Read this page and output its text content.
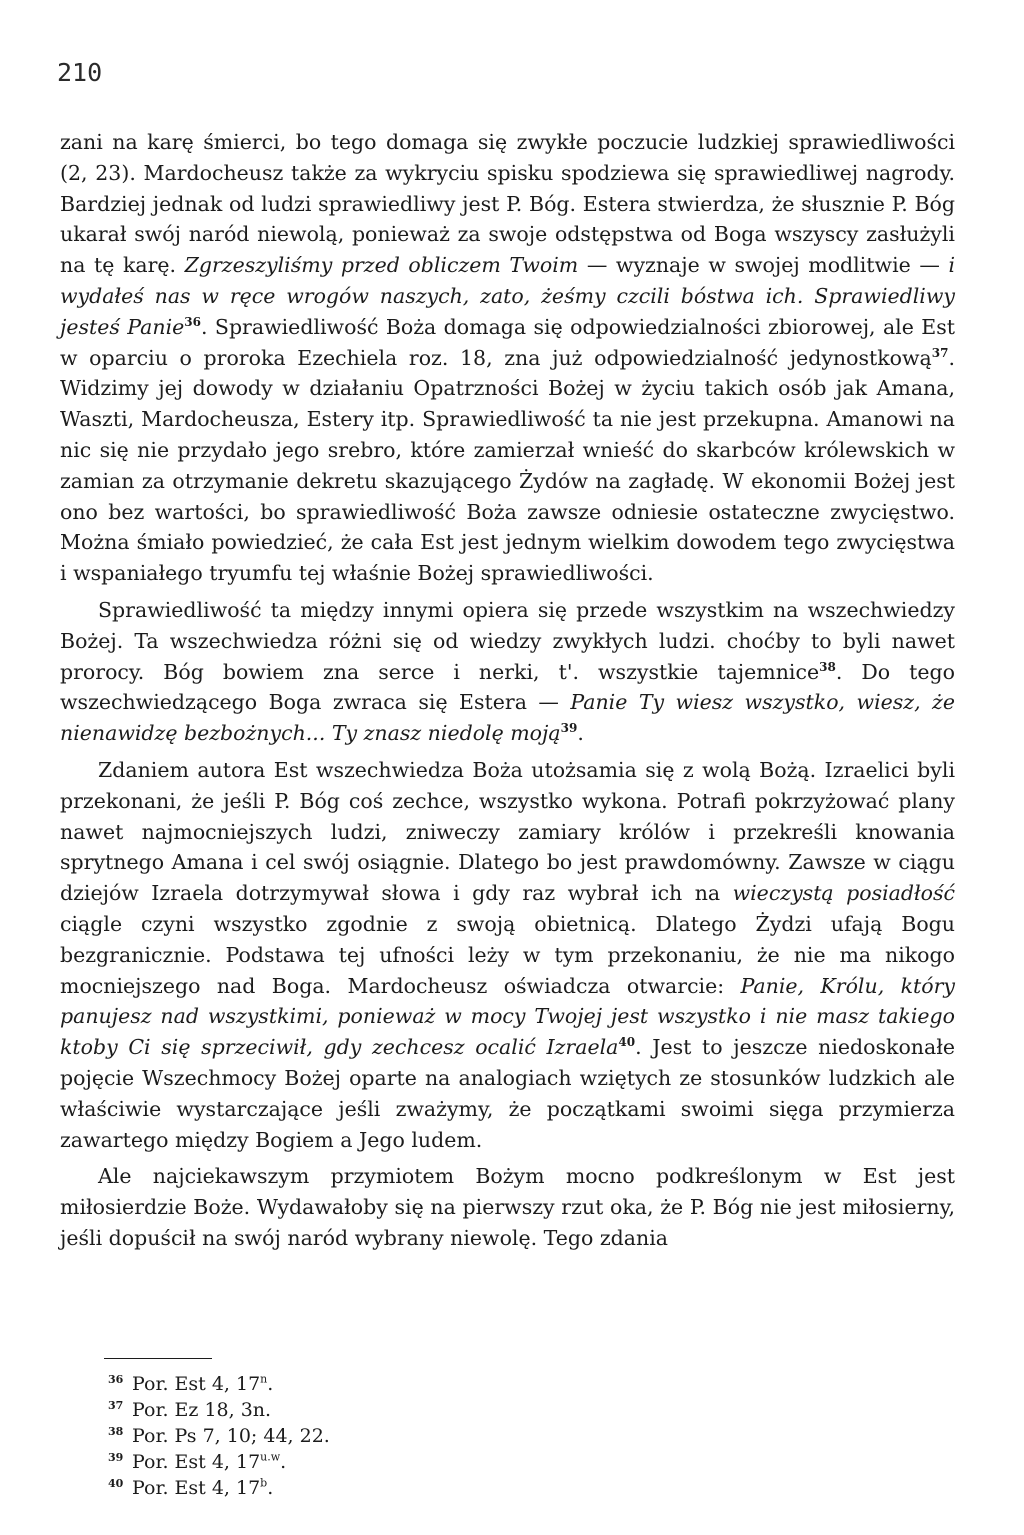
210

zani na karę śmierci, bo tego domaga się zwykłe poczucie ludzkiej sprawiedliwości (2, 23). Mardocheusz także za wykryciu spisku spodziewa się sprawiedliwej nagrody. Bardziej jednak od ludzi sprawiedliwy jest P. Bóg. Estera stwierdza, że słusznie P. Bóg ukarał swój naród niewolą, ponieważ za swoje odstępstwa od Boga wszyscy zasłużyli na tę karę. Zgrzeszyliśmy przed obliczem Twoim — wyznaje w swojej modlitwie — i wydałeś nas w ręce wrogów naszych, zato, żeśmy czcili bóstwa ich. Sprawiedliwy jesteś Panie$^{36}$. Sprawiedliwość Boża domaga się odpowiedzialności zbiorowej, ale Est w oparciu o proroka Ezechiela roz. 18, zna już odpowiedzialność jedynostkową$^{37}$. Widzimy jej dowody w działaniu Opatrzności Bożej w życiu takich osób jak Amana, Waszti, Mardocheusza, Estery itp. Sprawiedliwość ta nie jest przekupna. Amanowi na nic się nie przydało jego srebro, które zamierzał wnieść do skarbców królewskich w zamian za otrzymanie dekretu skazującego Żydów na zagładę. W ekonomii Bożej jest ono bez wartości, bo sprawiedliwość Boża zawsze odniesie ostateczne zwycięstwo. Można śmiało powiedzieć, że cała Est jest jednym wielkim dowodem tego zwycięstwa i wspaniałego tryumfu tej właśnie Bożej sprawiedliwości.

Sprawiedliwość ta między innymi opiera się przede wszystkim na wszechwiedzy Bożej. Ta wszechwiedza różni się od wiedzy zwykłych ludzi. choćby to byli nawet prorocy. Bóg bowiem zna serce i nerki, t'. wszystkie tajemnice$^{38}$. Do tego wszechwiedzącego Boga zwraca się Estera — Panie Ty wiesz wszystko, wiesz, że nienawidzę bezbożnych... Ty znasz niedolę moją$^{39}$.

Zdaniem autora Est wszechwiedza Boża utożsamia się z wolą Bożą. Izraelici byli przekonani, że jeśli P. Bóg coś zechce, wszystko wykona. Potrafi pokrzyżować plany nawet najmocniejszych ludzi, zniweczy zamiary królów i przekreśli knowania sprytnego Amana i cel swój osiągnie. Dlatego bo jest prawdomówny. Zawsze w ciągu dziejów Izraela dotrzymywał słowa i gdy raz wybrał ich na wieczystą posiadłość ciągle czyni wszystko zgodnie z swoją obietnicą. Dlatego Żydzi ufają Bogu bezgranicznie. Podstawa tej ufności leży w tym przekonaniu, że nie ma nikogo mocniejszego nad Boga. Mardocheusz oświadcza otwarcie: Panie, Królu, który panujesz nad wszystkimi, ponieważ w mocy Twojej jest wszystko i nie masz takiego ktoby Ci się sprzeciwił, gdy zechcesz ocalić Izraela$^{40}$. Jest to jeszcze niedoskonałe pojęcie Wszechmocy Bożej oparte na analogiach wziętych ze stosunków ludzkich ale właściwie wystarczające jeśli zważymy, że początkami swoimi sięga przymierza zawartego między Bogiem a Jego ludem.

Ale najciekawszym przymiotem Bożym mocno podkreślonym w Est jest miłosierdzie Boże. Wydawałoby się na pierwszy rzut oka, że P. Bóg nie jest miłosierny, jeśli dopuścił na swój naród wybrany niewolę. Tego zdania

36 Por. Est 4, 17$^n$.
37 Por. Ez 18, 3n.
38 Por. Ps 7, 10; 44, 22.
39 Por. Est 4, $17^{u.w}$.
40 Por. Est 4, 17$^b$.
